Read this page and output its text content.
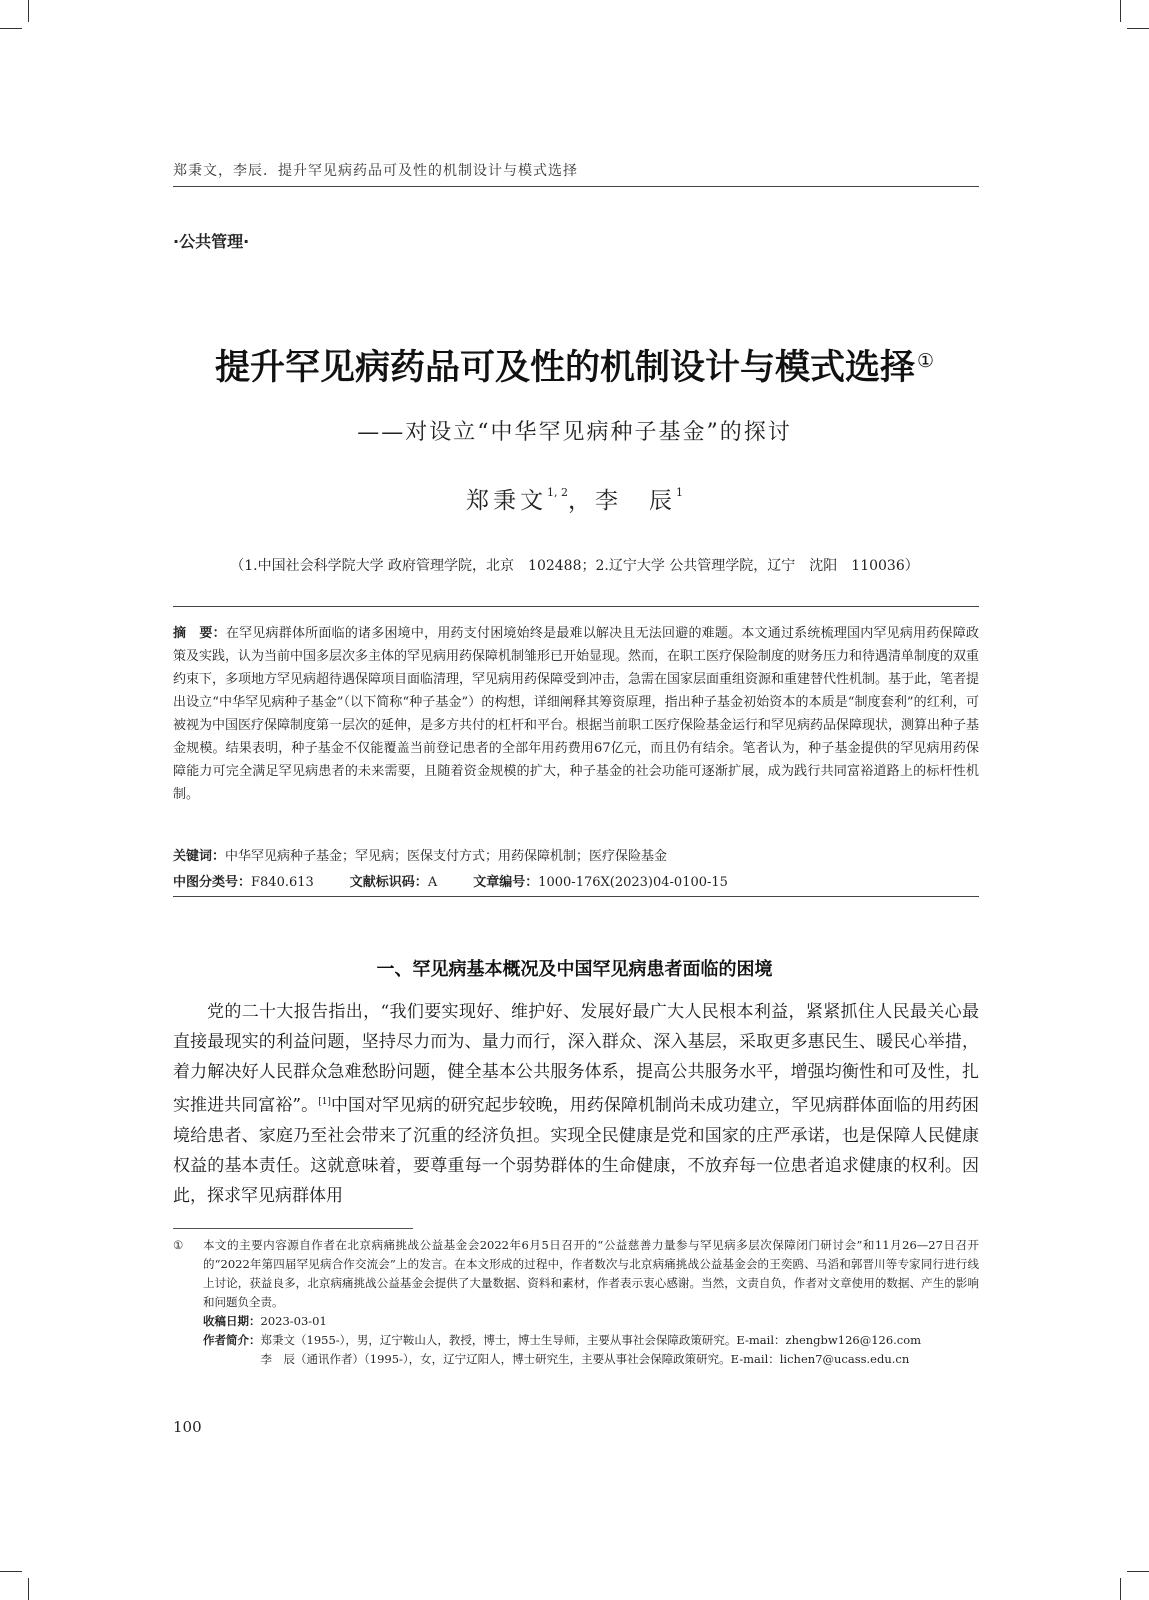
郑秉文，李辰．提升罕见病药品可及性的机制设计与模式选择
·公共管理·
提升罕见病药品可及性的机制设计与模式选择 ①
——对设立“中华罕见病种子基金”的探讨
郑秉文$^{1, 2}$，李　辰$^1$
（1.中国社会科学院大学 政府管理学院，北京　102488；2.辽宁大学 公共管理学院，辽宁　沈阳　110036）
摘　要：在罕见病群体所面临的诸多困境中，用药支付困境始终是最难以解决且无法回避的难题。本文通过系统梳理国内罕见病用药保障政策及实践，认为当前中国多层次多主体的罕见病用药保障机制雏形已开始显现。然而，在职工医疗保险制度的财务压力和待遇清单制度的双重约束下，多项地方罕见病超待遇保障项目面临清理，罕见病用药保障受到冲击，急需在国家层面重组资源和重建替代性机制。基于此，笔者提出设立“中华罕见病种子基金”（以下简称“种子基金”）的构想，详细阐释其筹资原理，指出种子基金初始资本的本质是“制度套利”的红利，可被视为中国医疗保障制度第一层次的延伸，是多方共付的杠杆和平台。根据当前职工医疗保险基金运行和罕见病药品保障现状，测算出种子基金规模。结果表明，种子基金不仅能覆盖当前登记患者的全部年用药费用67亿元，而且仍有结余。笔者认为，种子基金提供的罕见病用药保障能力可完全满足罕见病患者的未来需要，且随着资金规模的扩大，种子基金的社会功能可逐渐扩展，成为践行共同富裕道路上的标杆性机制。
关键词：中华罕见病种子基金；罕见病；医保支付方式；用药保障机制；医疗保险基金
中图分类号：F840.613	文献标识码：A	文章编号：1000-176X(2023)04-0100-15
一、罕见病基本概况及中国罕见病患者面临的困境
党的二十大报告指出，“我们要实现好、维护好、发展好最广大人民根本利益，紧紧抓住人民最关心最直接最现实的利益问题，坚持尽力而为、量力而行，深入群众、深入基层，采取更多惠民生、暖民心举措，着力解决好人民群众急难愁盼问题，健全基本公共服务体系，提高公共服务水平，增强均衡性和可及性，扎实推进共同富裕”。[1]中国对罕见病的研究起步较晚，用药保障机制尚未成功建立，罕见病群体面临的用药困境给患者、家庭乃至社会带来了沉重的经济负担。实现全民健康是党和国家的庄严承诺，也是保障人民健康权益的基本责任。这就意味着，要尊重每一个弱势群体的生命健康，不放弃每一位患者追求健康的权利。因此，探求罕见病群体用
①	本文的主要内容源自作者在北京病痛挑战公益基金会2022年6月5日召开的“公益慈善力量参与罕见病多层次保障闭门研讨会”和11月26—27日召开的“2022年第四届罕见病合作交流会”上的发言。在本文形成的过程中，作者数次与北京病痛挑战公益基金会的王奕鸥、马滔和郭晋川等专家同行进行线上讨论，获益良多，北京病痛挑战公益基金会提供了大量数据、资料和素材，作者表示衷心感谢。当然，文责自负，作者对文章使用的数据、产生的影响和问题负全责。
收稿日期：2023-03-01
作者简介： 郑秉文（1955-），男，辽宁鞍山人，教授，博士，博士生导师，主要从事社会保障政策研究。E-mail：zhengbw126@126.com
李　辰（通讯作者）（1995-），女，辽宁辽阳人，博士研究生，主要从事社会保障政策研究。E-mail：lichen7@ucass.edu.cn
100
